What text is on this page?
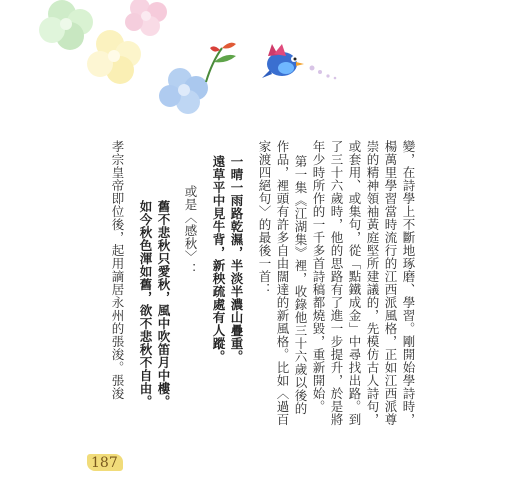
變，在詩學上不斷地琢磨、學習。剛開始學詩時，
楊萬里學習當時流行的江西派風格，正如江西派尊
崇的精神領袖黃庭堅所建議的，先模仿古人詩句，
或套用、或集句，從「點鐵成金」中尋找出路。到
了三十六歲時，他的思路有了進一步提升，於是將
年少時所作的一千多首詩稿都燒毀，重新開始。
第一集《江湖集》裡，收錄他三十六歲以後的
作品，裡頭有許多自由闊達的新風格。比如〈過百
家渡四絕句〉的最後一首：
一晴一雨路乾濕，半淡半濃山疊重。
遠草平中見牛背，新秧疏處有人蹤。
或是〈感秋〉：
舊不悲秋只愛秋，風中吹笛月中樓。
如今秋色渾如舊，欲不悲秋不自由。
孝宗皇帝即位後，起用謫居永州的張浚。張浚
187
